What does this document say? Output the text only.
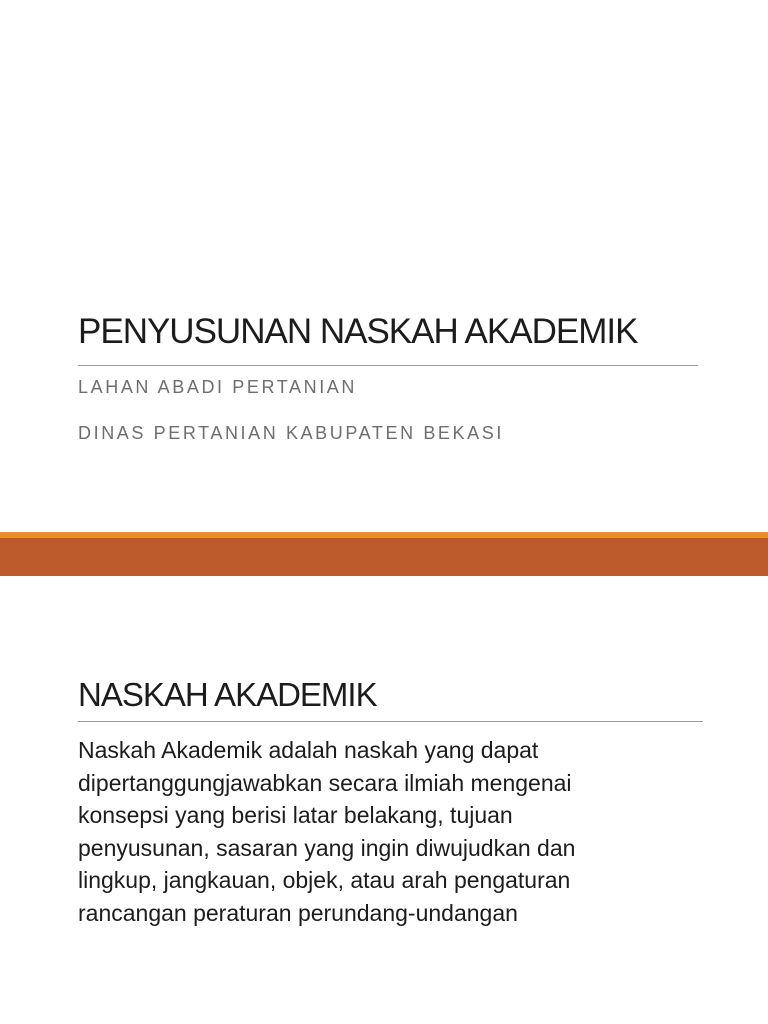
PENYUSUNAN NASKAH AKADEMIK
LAHAN ABADI PERTANIAN
DINAS PERTANIAN KABUPATEN BEKASI
NASKAH AKADEMIK
Naskah Akademik adalah naskah yang dapat
dipertanggungjawabkan secara ilmiah mengenai
konsepsi yang berisi latar belakang, tujuan
penyusunan, sasaran yang ingin diwujudkan dan
lingkup, jangkauan, objek, atau arah pengaturan
rancangan peraturan perundang-undangan
